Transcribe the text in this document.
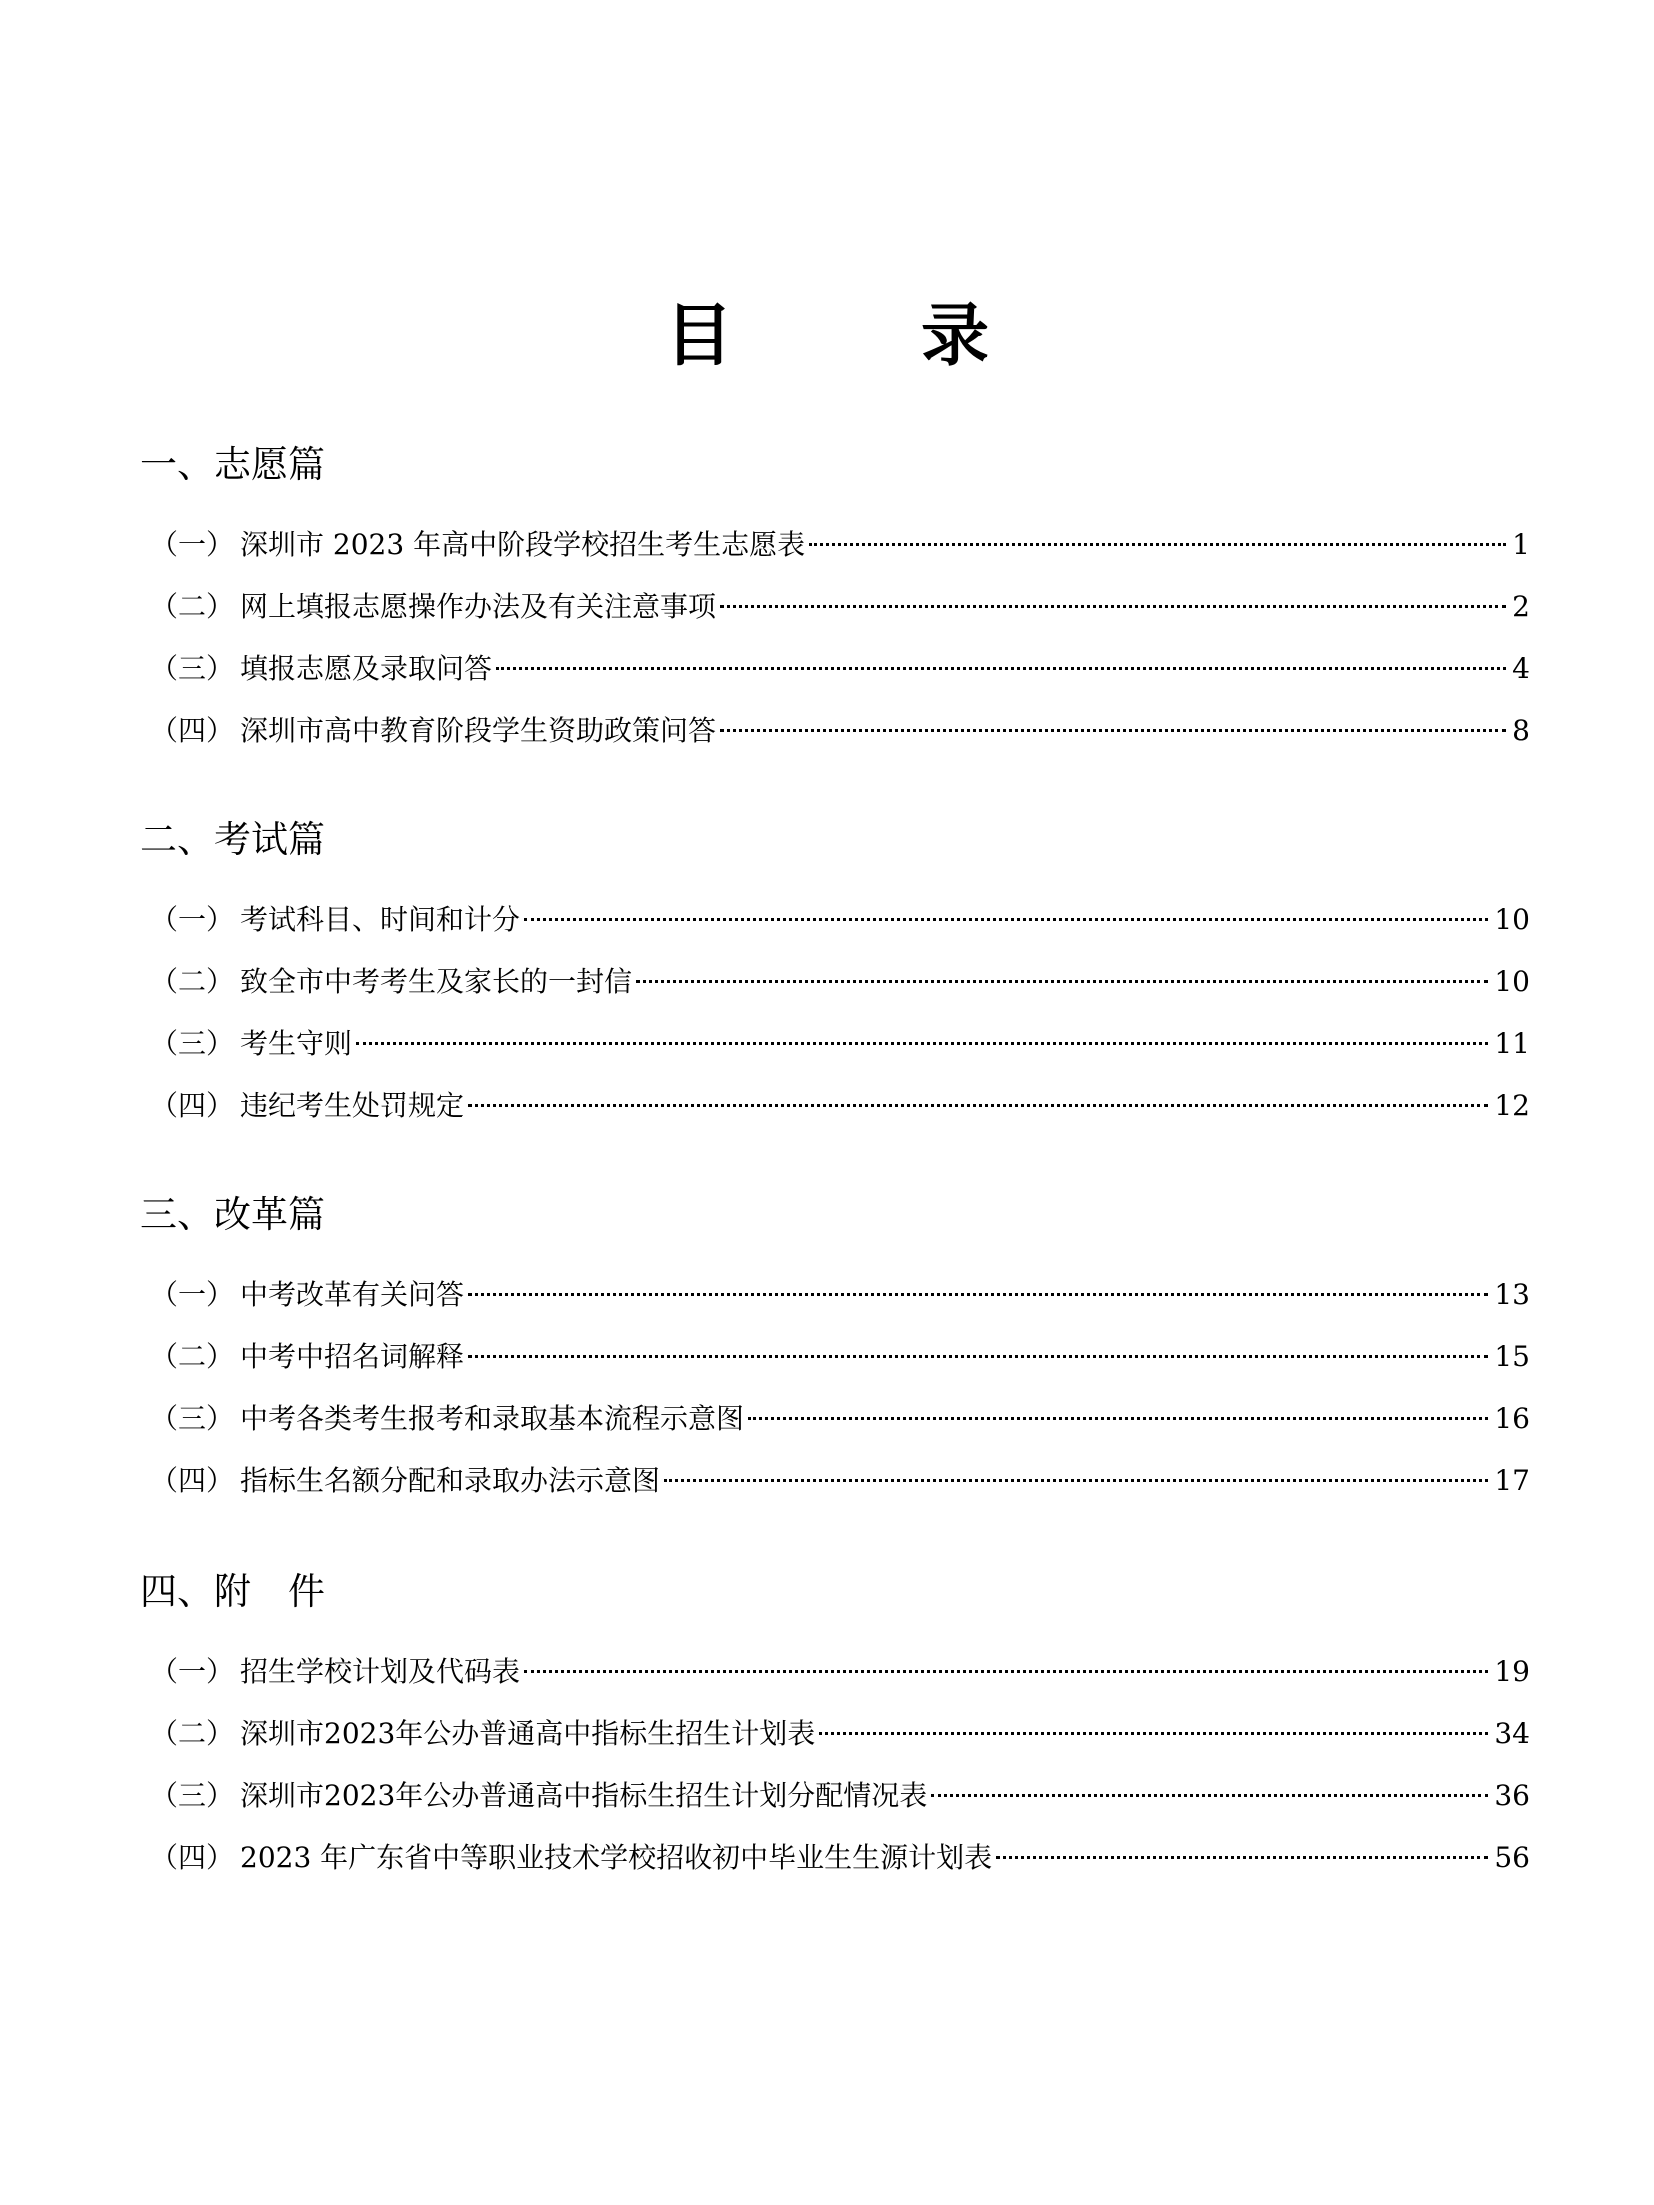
目　录
一、志愿篇
（一） 深圳市 2023 年高中阶段学校招生考生志愿表	1
（二） 网上填报志愿操作办法及有关注意事项	2
（三） 填报志愿及录取问答	4
（四） 深圳市高中教育阶段学生资助政策问答	8
二、考试篇
（一） 考试科目、时间和计分	10
（二） 致全市中考考生及家长的一封信	10
（三） 考生守则	11
（四） 违纪考生处罚规定	12
三、改革篇
（一） 中考改革有关问答	13
（二） 中考中招名词解释	15
（三） 中考各类考生报考和录取基本流程示意图	16
（四） 指标生名额分配和录取办法示意图	17
四、附　件
（一） 招生学校计划及代码表	19
（二） 深圳市2023年公办普通高中指标生招生计划表	34
（三） 深圳市2023年公办普通高中指标生招生计划分配情况表	36
（四） 2023 年广东省中等职业技术学校招收初中毕业生生源计划表	56
